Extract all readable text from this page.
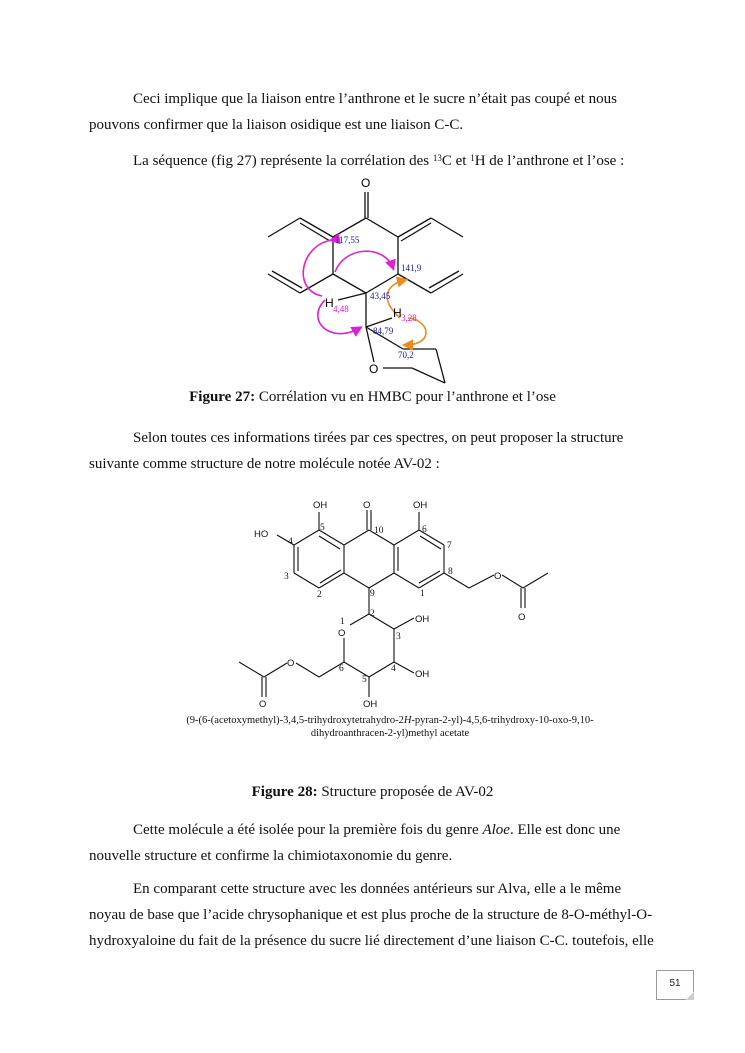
Ceci implique que la liaison entre l’anthrone et le sucre n’était pas coupé et nous
pouvons confirmer que la liaison osidique est une liaison C-C.

La séquence (fig 27) représente la corrélation des $^{13}$C et $^1$H de l’anthrone et l’ose :

O
O
H
H
117,55
141,9
43,45
84,79
70,2
4,48
3,28

Figure 27: Corrélation vu en HMBC pour l’anthrone et l’ose

Selon toutes ces informations tirées par ces spectres, on peut proposer la structure
suivante comme structure de notre molécule notée AV-02 :

OH	O	OH
HO
O
O
O
OH
OH
OH
O
O
5	10	6
7
8
1
9
2
3
4
1
2
3
4
5
6
(9-(6-(acetoxymethyl)-3,4,5-trihydroxytetrahydro-2H-pyran-2-yl)-4,5,6-trihydroxy-10-oxo-9,10-
dihydroanthracen-2-yl)methyl acetate

Figure 28: Structure proposée de AV-02

Cette molécule a été isolée pour la première fois du genre Aloe. Elle est donc une
nouvelle structure et confirme la chimiotaxonomie du genre.

En comparant cette structure avec les données antérieurs sur Alva, elle a le même
noyau de base que l’acide chrysophanique et est plus proche de la structure de 8-O-méthyl-O-
hydroxyaloine du fait de la présence du sucre lié directement d’une liaison C-C. toutefois, elle

51
